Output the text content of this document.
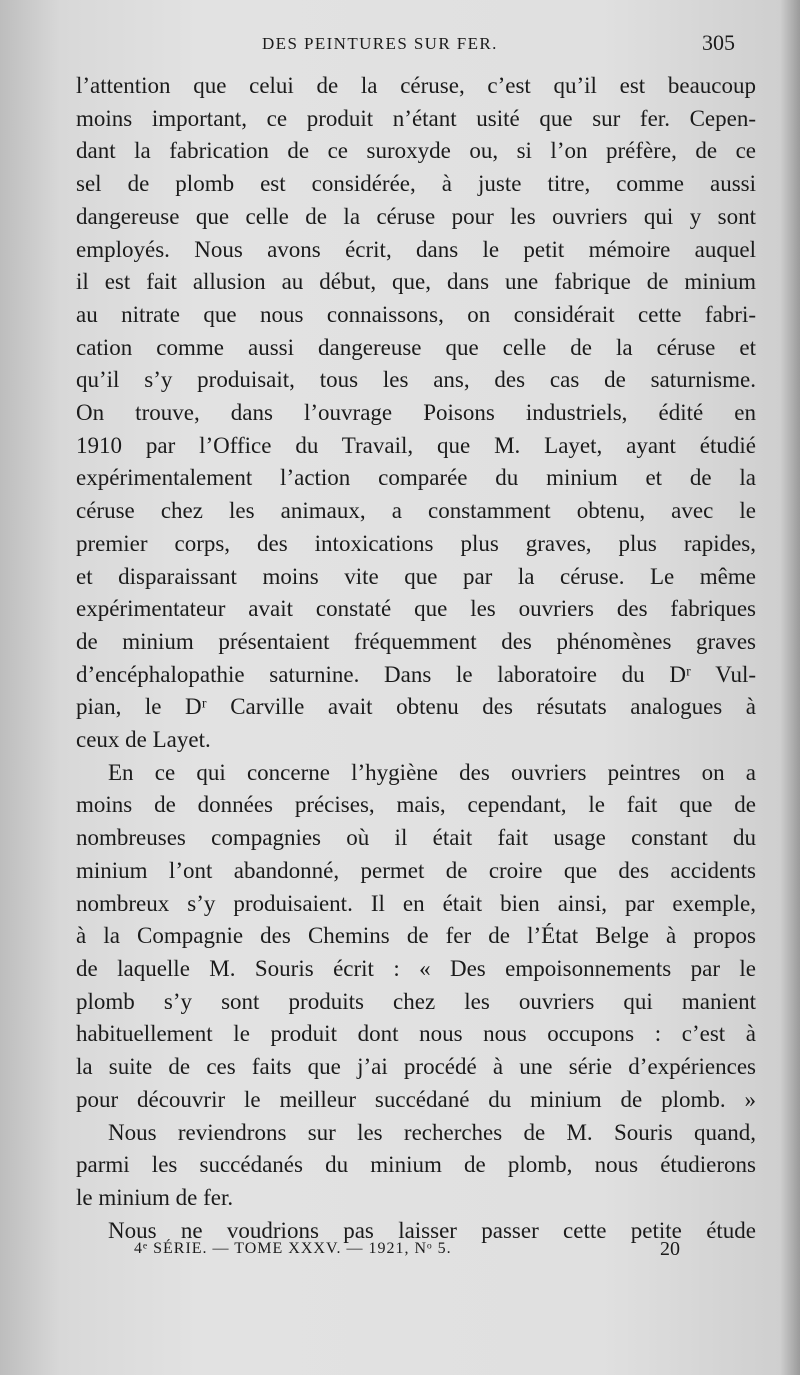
DES PEINTURES SUR FER.	305
l’attention que celui de la céruse, c’est qu’il est beaucoup
moins important, ce produit n’étant usité que sur fer. Cepen-
dant la fabrication de ce suroxyde ou, si l’on préfère, de ce
sel de plomb est considérée, à juste titre, comme aussi
dangereuse que celle de la céruse pour les ouvriers qui y sont
employés. Nous avons écrit, dans le petit mémoire auquel
il est fait allusion au début, que, dans une fabrique de minium
au nitrate que nous connaissons, on considérait cette fabri-
cation comme aussi dangereuse que celle de la céruse et
qu’il s’y produisait, tous les ans, des cas de saturnisme.
On trouve, dans l’ouvrage Poisons industriels, édité en
1910 par l’Office du Travail, que M. Layet, ayant étudié
expérimentalement l’action comparée du minium et de la
céruse chez les animaux, a constamment obtenu, avec le
premier corps, des intoxications plus graves, plus rapides,
et disparaissant moins vite que par la céruse. Le même
expérimentateur avait constaté que les ouvriers des fabriques
de minium présentaient fréquemment des phénomènes graves
d’encéphalopathie saturnine. Dans le laboratoire du Dʳ Vul-
pian, le Dʳ Carville avait obtenu des résutats analogues à
ceux de Layet.
En ce qui concerne l’hygiène des ouvriers peintres on a
moins de données précises, mais, cependant, le fait que de
nombreuses compagnies où il était fait usage constant du
minium l’ont abandonné, permet de croire que des accidents
nombreux s’y produisaient. Il en était bien ainsi, par exemple,
à la Compagnie des Chemins de fer de l’État Belge à propos
de laquelle M. Souris écrit : « Des empoisonnements par le
plomb s’y sont produits chez les ouvriers qui manient
habituellement le produit dont nous nous occupons : c’est à
la suite de ces faits que j’ai procédé à une série d’expériences
pour découvrir le meilleur succédané du minium de plomb. »
Nous reviendrons sur les recherches de M. Souris quand,
parmi les succédanés du minium de plomb, nous étudierons
le minium de fer.
Nous ne voudrions pas laisser passer cette petite étude
4ᵉ SÉRIE. — TOME XXXV. — 1921, Nᵒ 5.	20
